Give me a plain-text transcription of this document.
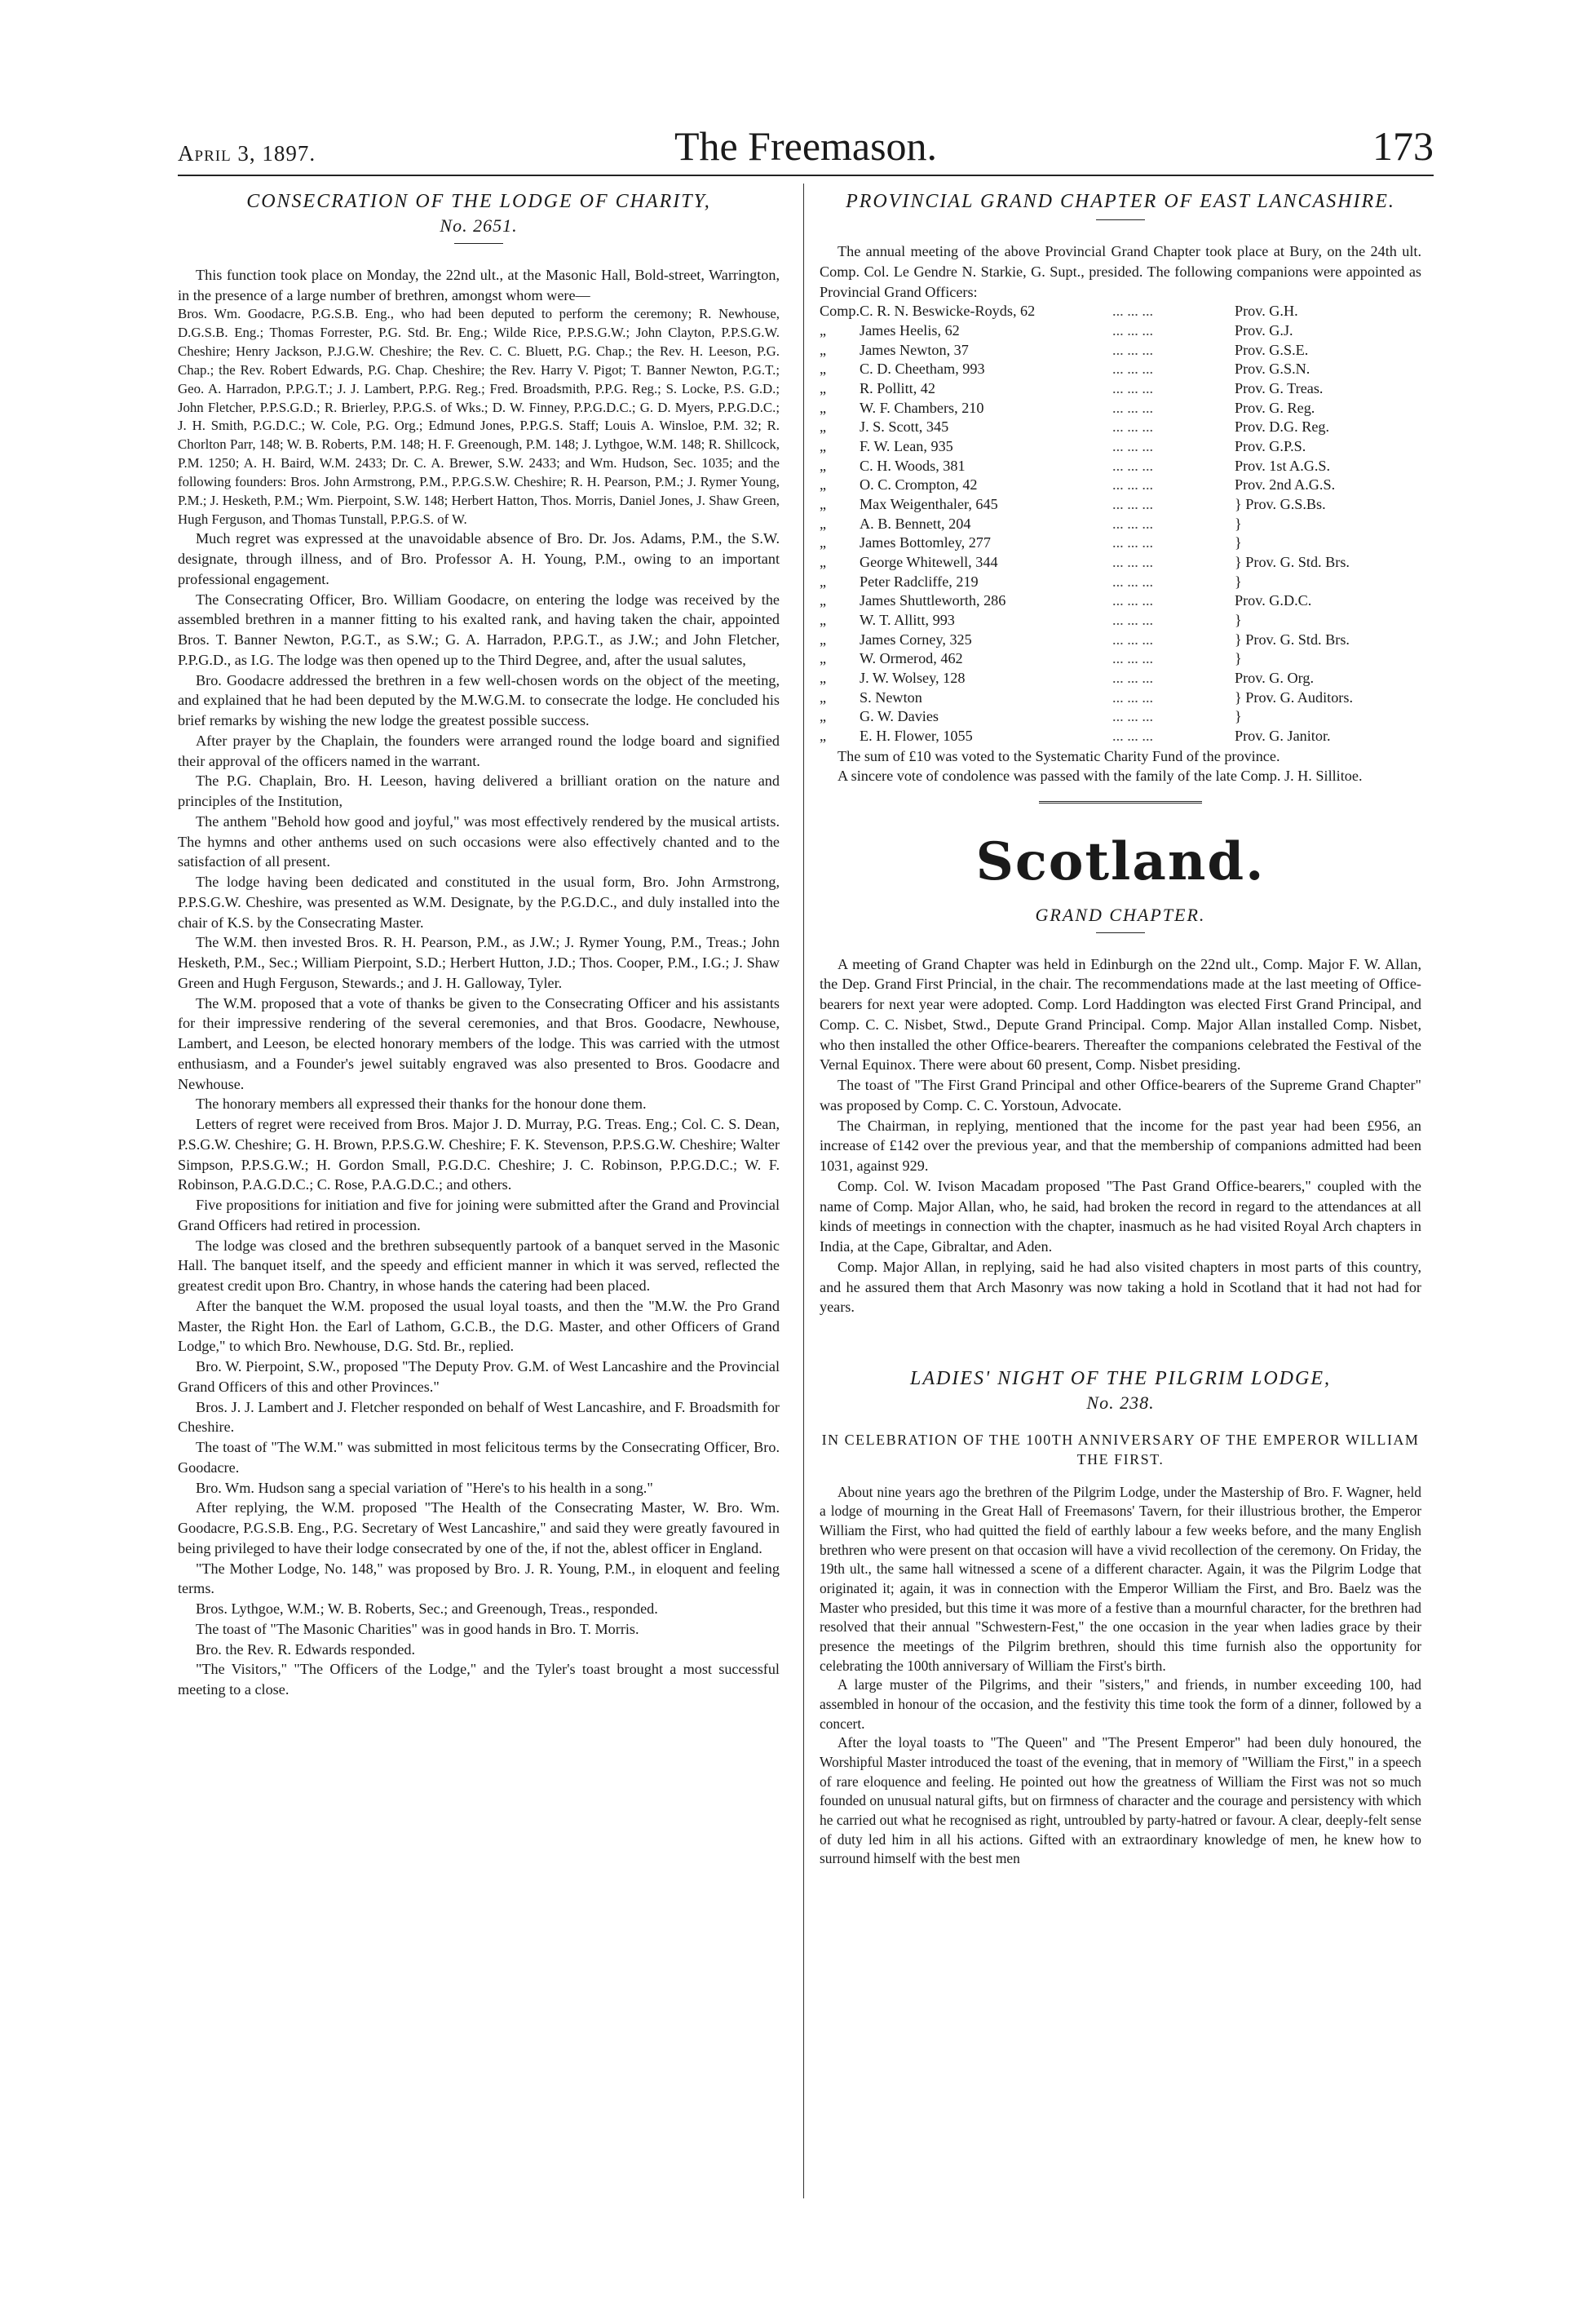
April 3, 1897.	The Freemason.	173
CONSECRATION OF THE LODGE OF CHARITY,
No. 2651.

This function took place on Monday, the 22nd ult., at the Masonic Hall, Bold-street, Warrington, in the presence of a large number of brethren, amongst whom were—

Bros. Wm. Goodacre, P.G.S.B. Eng., who had been deputed to perform the ceremony; R. Newhouse, D.G.S.B. Eng.; Thomas Forrester, P.G. Std. Br. Eng.; Wilde Rice, P.P.S.G.W.; John Clayton, P.P.S.G.W. Cheshire; Henry Jackson, P.J.G.W. Cheshire; the Rev. C. C. Bluett, P.G. Chap.; the Rev. H. Leeson, P.G. Chap.; the Rev. Robert Edwards, P.G. Chap. Cheshire; the Rev. Harry V. Pigot; T. Banner Newton, P.G.T.; Geo. A. Harradon, P.P.G.T.; J. J. Lambert, P.P.G. Reg.; Fred. Broadsmith, P.P.G. Reg.; S. Locke, P.S. G.D.; John Fletcher, P.P.S.G.D.; R. Brierley, P.P.G.S. of Wks.; D. W. Finney, P.P.G.D.C.; G. D. Myers, P.P.G.D.C.; J. H. Smith, P.G.D.C.; W. Cole, P.G. Org.; Edmund Jones, P.P.G.S. Staff; Louis A. Winsloe, P.M. 32; R. Chorlton Parr, 148; W. B. Roberts, P.M. 148; H. F. Greenough, P.M. 148; J. Lythgoe, W.M. 148; R. Shillcock, P.M. 1250; A. H. Baird, W.M. 2433; Dr. C. A. Brewer, S.W. 2433; and Wm. Hudson, Sec. 1035; and the following founders: Bros. John Armstrong, P.M., P.P.G.S.W. Cheshire; R. H. Pearson, P.M.; J. Rymer Young, P.M.; J. Hesketh, P.M.; Wm. Pierpoint, S.W. 148; Herbert Hatton, Thos. Morris, Daniel Jones, J. Shaw Green, Hugh Ferguson, and Thomas Tunstall, P.P.G.S. of W.

Much regret was expressed at the unavoidable absence of Bro. Dr. Jos. Adams, P.M., the S.W. designate, through illness, and of Bro. Professor A. H. Young, P.M., owing to an important professional engagement.

The Consecrating Officer, Bro. William Goodacre, on entering the lodge was received by the assembled brethren in a manner fitting to his exalted rank, and having taken the chair, appointed Bros. T. Banner Newton, P.G.T., as S.W.; G. A. Harradon, P.P.G.T., as J.W.; and John Fletcher, P.P.G.D., as I.G. The lodge was then opened up to the Third Degree, and, after the usual salutes,

Bro. Goodacre addressed the brethren in a few well-chosen words on the object of the meeting, and explained that he had been deputed by the M.W.G.M. to consecrate the lodge. He concluded his brief remarks by wishing the new lodge the greatest possible success.

After prayer by the Chaplain, the founders were arranged round the lodge board and signified their approval of the officers named in the warrant.

The P.G. Chaplain, Bro. H. Leeson, having delivered a brilliant oration on the nature and principles of the Institution,

The anthem "Behold how good and joyful," was most effectively rendered by the musical artists. The hymns and other anthems used on such occasions were also effectively chanted and to the satisfaction of all present.

The lodge having been dedicated and constituted in the usual form, Bro. John Armstrong, P.P.S.G.W. Cheshire, was presented as W.M. Designate, by the P.G.D.C., and duly installed into the chair of K.S. by the Consecrating Master.

The W.M. then invested Bros. R. H. Pearson, P.M., as J.W.; J. Rymer Young, P.M., Treas.; John Hesketh, P.M., Sec.; William Pierpoint, S.D.; Herbert Hutton, J.D.; Thos. Cooper, P.M., I.G.; J. Shaw Green and Hugh Ferguson, Stewards.; and J. H. Galloway, Tyler.

The W.M. proposed that a vote of thanks be given to the Consecrating Officer and his assistants for their impressive rendering of the several ceremonies, and that Bros. Goodacre, Newhouse, Lambert, and Leeson, be elected honorary members of the lodge. This was carried with the utmost enthusiasm, and a Founder's jewel suitably engraved was also presented to Bros. Goodacre and Newhouse.

The honorary members all expressed their thanks for the honour done them.

Letters of regret were received from Bros. Major J. D. Murray, P.G. Treas. Eng.; Col. C. S. Dean, P.S.G.W. Cheshire; G. H. Brown, P.P.S.G.W. Cheshire; F. K. Stevenson, P.P.S.G.W. Cheshire; Walter Simpson, P.P.S.G.W.; H. Gordon Small, P.G.D.C. Cheshire; J. C. Robinson, P.P.G.D.C.; W. F. Robinson, P.A.G.D.C.; C. Rose, P.A.G.D.C.; and others.

Five propositions for initiation and five for joining were submitted after the Grand and Provincial Grand Officers had retired in procession.

The lodge was closed and the brethren subsequently partook of a banquet served in the Masonic Hall. The banquet itself, and the speedy and efficient manner in which it was served, reflected the greatest credit upon Bro. Chantry, in whose hands the catering had been placed.

After the banquet the W.M. proposed the usual loyal toasts, and then the "M.W. the Pro Grand Master, the Right Hon. the Earl of Lathom, G.C.B., the D.G. Master, and other Officers of Grand Lodge," to which Bro. Newhouse, D.G. Std. Br., replied.

Bro. W. Pierpoint, S.W., proposed "The Deputy Prov. G.M. of West Lancashire and the Provincial Grand Officers of this and other Provinces."

Bros. J. J. Lambert and J. Fletcher responded on behalf of West Lancashire, and F. Broadsmith for Cheshire.

The toast of "The W.M." was submitted in most felicitous terms by the Consecrating Officer, Bro. Goodacre.

Bro. Wm. Hudson sang a special variation of "Here's to his health in a song."

After replying, the W.M. proposed "The Health of the Consecrating Master, W. Bro. Wm. Goodacre, P.G.S.B. Eng., P.G. Secretary of West Lancashire," and said they were greatly favoured in being privileged to have their lodge consecrated by one of the, if not the, ablest officer in England.

"The Mother Lodge, No. 148," was proposed by Bro. J. R. Young, P.M., in eloquent and feeling terms.

Bros. Lythgoe, W.M.; W. B. Roberts, Sec.; and Greenough, Treas., responded.

The toast of "The Masonic Charities" was in good hands in Bro. T. Morris.

Bro. the Rev. R. Edwards responded.

"The Visitors," "The Officers of the Lodge," and the Tyler's toast brought a most successful meeting to a close.

PROVINCIAL GRAND CHAPTER OF EAST LANCASHIRE.

The annual meeting of the above Provincial Grand Chapter took place at Bury, on the 24th ult. Comp. Col. Le Gendre N. Starkie, G. Supt., presided. The following companions were appointed as Provincial Grand Officers:

Comp.	C. R. N. Beswicke-Royds, 62	... ... ...	Prov. G.H.
„	James Heelis, 62	... ... ...	Prov. G.J.
„	James Newton, 37	... ... ...	Prov. G.S.E.
„	C. D. Cheetham, 993	... ... ...	Prov. G.S.N.
„	R. Pollitt, 42	... ... ...	Prov. G. Treas.
„	W. F. Chambers, 210	... ... ...	Prov. G. Reg.
„	J. S. Scott, 345	... ... ...	Prov. D.G. Reg.
„	F. W. Lean, 935	... ... ...	Prov. G.P.S.
„	C. H. Woods, 381	... ... ...	Prov. 1st A.G.S.
„	O. C. Crompton, 42	... ... ...	Prov. 2nd A.G.S.
„	Max Weigenthaler, 645	... ... ...	} Prov. G.S.Bs.
„	A. B. Bennett, 204	... ... ...	}
„	James Bottomley, 277	... ... ...	}
„	George Whitewell, 344	... ... ...	} Prov. G. Std. Brs.
„	Peter Radcliffe, 219	... ... ...	}
„	James Shuttleworth, 286	... ... ...	Prov. G.D.C.
„	W. T. Allitt, 993	... ... ...	}
„	James Corney, 325	... ... ...	} Prov. G. Std. Brs.
„	W. Ormerod, 462	... ... ...	}
„	J. W. Wolsey, 128	... ... ...	Prov. G. Org.
„	S. Newton	... ... ...	} Prov. G. Auditors.
„	G. W. Davies	... ... ...	}
„	E. H. Flower, 1055	... ... ...	Prov. G. Janitor.

The sum of £10 was voted to the Systematic Charity Fund of the province.

A sincere vote of condolence was passed with the family of the late Comp. J. H. Sillitoe.

Scotland.
GRAND CHAPTER.

A meeting of Grand Chapter was held in Edinburgh on the 22nd ult., Comp. Major F. W. Allan, the Dep. Grand First Princial, in the chair. The recommendations made at the last meeting of Office-bearers for next year were adopted. Comp. Lord Haddington was elected First Grand Principal, and Comp. C. C. Nisbet, Stwd., Depute Grand Principal. Comp. Major Allan installed Comp. Nisbet, who then installed the other Office-bearers. Thereafter the companions celebrated the Festival of the Vernal Equinox. There were about 60 present, Comp. Nisbet presiding.

The toast of "The First Grand Principal and other Office-bearers of the Supreme Grand Chapter" was proposed by Comp. C. C. Yorstoun, Advocate.

The Chairman, in replying, mentioned that the income for the past year had been £956, an increase of £142 over the previous year, and that the membership of companions admitted had been 1031, against 929.

Comp. Col. W. Ivison Macadam proposed "The Past Grand Office-bearers," coupled with the name of Comp. Major Allan, who, he said, had broken the record in regard to the attendances at all kinds of meetings in connection with the chapter, inasmuch as he had visited Royal Arch chapters in India, at the Cape, Gibraltar, and Aden.

Comp. Major Allan, in replying, said he had also visited chapters in most parts of this country, and he assured them that Arch Masonry was now taking a hold in Scotland that it had not had for years.

LADIES' NIGHT OF THE PILGRIM LODGE,
No. 238.
IN CELEBRATION OF THE 100TH ANNIVERSARY OF THE EMPEROR WILLIAM THE FIRST.

About nine years ago the brethren of the Pilgrim Lodge, under the Mastership of Bro. F. Wagner, held a lodge of mourning in the Great Hall of Freemasons' Tavern, for their illustrious brother, the Emperor William the First, who had quitted the field of earthly labour a few weeks before, and the many English brethren who were present on that occasion will have a vivid recollection of the ceremony. On Friday, the 19th ult., the same hall witnessed a scene of a different character. Again, it was the Pilgrim Lodge that originated it; again, it was in connection with the Emperor William the First, and Bro. Baelz was the Master who presided, but this time it was more of a festive than a mournful character, for the brethren had resolved that their annual "Schwestern-Fest," the one occasion in the year when ladies grace by their presence the meetings of the Pilgrim brethren, should this time furnish also the opportunity for celebrating the 100th anniversary of William the First's birth.

A large muster of the Pilgrims, and their "sisters," and friends, in number exceeding 100, had assembled in honour of the occasion, and the festivity this time took the form of a dinner, followed by a concert.

After the loyal toasts to "The Queen" and "The Present Emperor" had been duly honoured, the Worshipful Master introduced the toast of the evening, that in memory of "William the First," in a speech of rare eloquence and feeling. He pointed out how the greatness of William the First was not so much founded on unusual natural gifts, but on firmness of character and the courage and persistency with which he carried out what he recognised as right, untroubled by party-hatred or favour. A clear, deeply-felt sense of duty led him in all his actions. Gifted with an extraordinary knowledge of men, he knew how to surround himself with the best men
